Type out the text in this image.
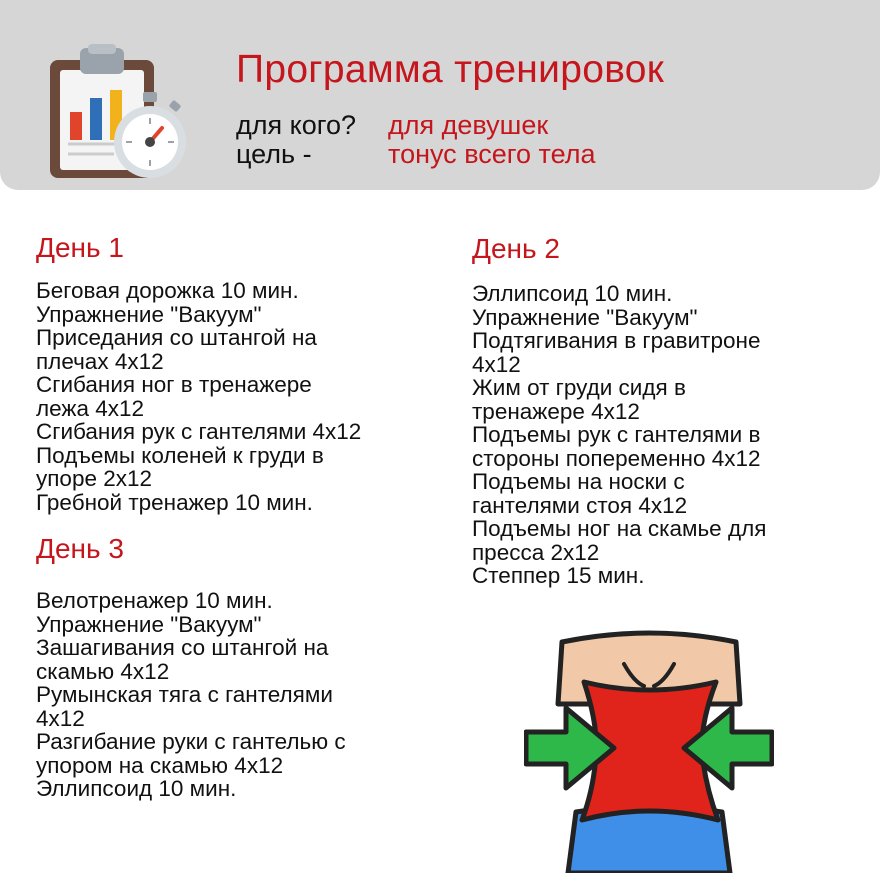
Программа тренировок
для кого? для девушек
цель -	тонус всего тела
День 1
Беговая дорожка 10 мин.
Упражнение "Вакуум"
Приседания со штангой на
плечах 4х12
Сгибания ног в тренажере
лежа 4х12
Сгибания рук с гантелями 4х12
Подъемы коленей к груди в
упоре 2х12
Гребной тренажер 10 мин.
День 2
Эллипсоид 10 мин.
Упражнение "Вакуум"
Подтягивания в гравитроне
4х12
Жим от груди сидя в
тренажере 4х12
Подъемы рук с гантелями в
стороны попеременно 4х12
Подъемы на носки с
гантелями стоя 4х12
Подъемы ног на скамье для
пресса 2х12
Степпер 15 мин.
День 3
Велотренажер 10 мин.
Упражнение "Вакуум"
Зашагивания со штангой на
скамью 4х12
Румынская тяга с гантелями
4х12
Разгибание руки с гантелью с
упором на скамью 4х12
Эллипсоид 10 мин.
